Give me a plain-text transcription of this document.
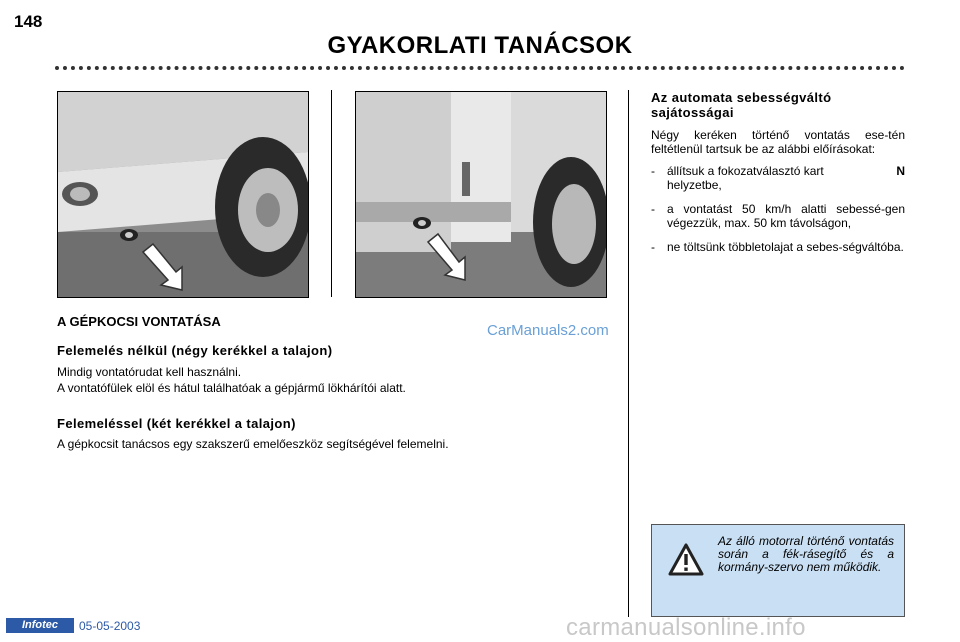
148
GYAKORLATI TANÁCSOK
A GÉPKOCSI VONTATÁSA
CarManuals2.com
Felemelés nélkül (négy kerékkel a talajon)
Mindig vontatórudat kell használni.
A vontatófülek elöl és hátul találhatóak a gépjármű lökhárítói alatt.
Felemeléssel (két kerékkel a talajon)
A gépkocsit tanácsos egy szakszerű emelőeszköz segítségével felemelni.
Az automata sebességváltó sajátosságai

Négy keréken történő vontatás ese-tén feltétlenül tartsuk be az alábbi előírásokat:

-	állítsuk a fokozatválasztó kart	N

helyzetbe,
-	a vontatást 50 km/h alatti sebessé-gen végezzük, max. 50 km távolságon,
-	ne töltsünk többletolajat a sebes-ségváltóba.
Az álló motorral történő vontatás során a fék-rásegítő és a kormány-szervo nem működik.
Infotec	05-05-2003	carmanualsonline.info
